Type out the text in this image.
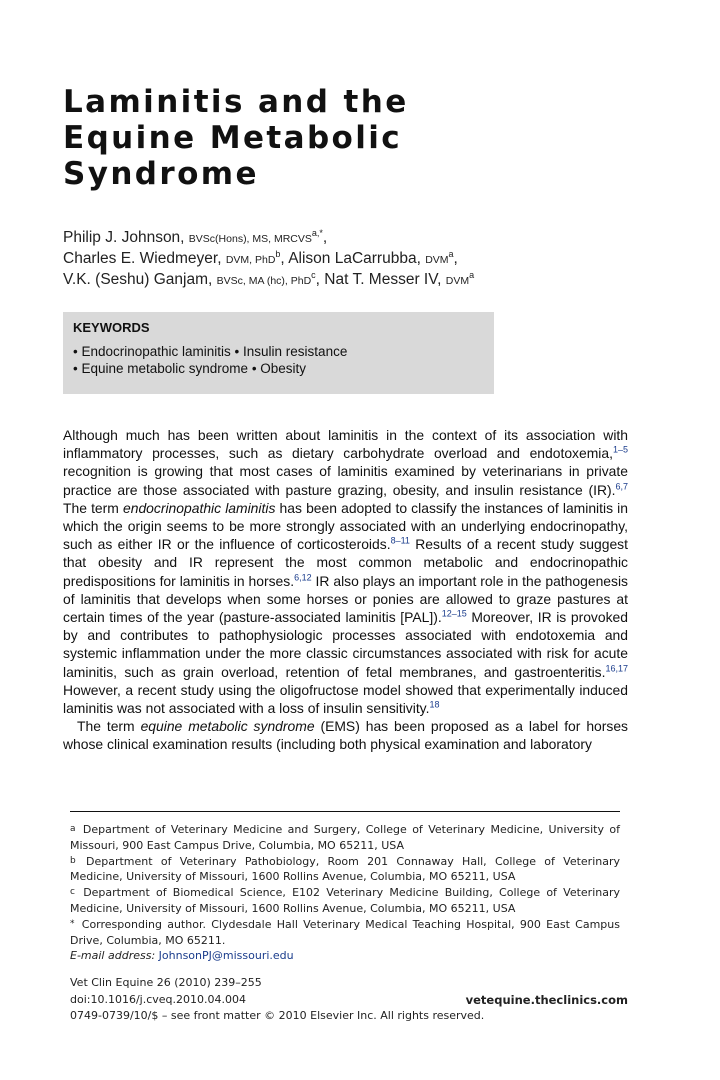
Laminitis and the
Equine Metabolic
Syndrome
Philip J. Johnson, BVSc(Hons), MS, $MRCVS^{a,*}$,
Charles E. Wiedmeyer, DVM, PhD$^b$, Alison LaCarrubba, DVM$^a$,
V.K. (Seshu) Ganjam, BVSc, MA (hc), PhD$^c$, Nat T. Messer IV, DVM$^a$
KEYWORDS
• Endocrinopathic laminitis • Insulin resistance
• Equine metabolic syndrome • Obesity

Although much has been written about laminitis in the context of its association with inflammatory processes, such as dietary carbohydrate overload and endotoxemia,$^{1-5}$ recognition is growing that most cases of laminitis examined by veterinarians in private practice are those associated with pasture grazing, obesity, and insulin resistance (IR).$^{6,7}$ The term endocrinopathic laminitis has been adopted to classify the instances of laminitis in which the origin seems to be more strongly associated with an underlying endocrinopathy, such as either IR or the influence of corticosteroids.$^{8-11}$ Results of a recent study suggest that obesity and IR represent the most common metabolic and endocrinopathic predispositions for laminitis in horses.$^{6,12}$ IR also plays an important role in the pathogenesis of laminitis that develops when some horses or ponies are allowed to graze pastures at certain times of the year (pasture-associated laminitis [PAL]).$^{12-15}$ Moreover, IR is provoked by and contributes to pathophysiologic processes associated with endotoxemia and systemic inflammation under the more classic circumstances associated with risk for acute laminitis, such as grain overload, retention of fetal membranes, and gastroenteritis.$^{16,17}$ However, a recent study using the oligofructose model showed that experimentally induced laminitis was not associated with a loss of insulin sensitivity.$^{18}$

The term equine metabolic syndrome (EMS) has been proposed as a label for horses whose clinical examination results (including both physical examination and laboratory

$^a$ Department of Veterinary Medicine and Surgery, College of Veterinary Medicine, University of Missouri, 900 East Campus Drive, Columbia, MO 65211, USA

$^b$ Department of Veterinary Pathobiology, Room 201 Connaway Hall, College of Veterinary Medicine, University of Missouri, 1600 Rollins Avenue, Columbia, MO 65211, USA

$^c$ Department of Biomedical Science, E102 Veterinary Medicine Building, College of Veterinary Medicine, University of Missouri, 1600 Rollins Avenue, Columbia, MO 65211, USA

* Corresponding author. Clydesdale Hall Veterinary Medical Teaching Hospital, 900 East Campus Drive, Columbia, MO 65211.

E-mail address: JohnsonPJ@missouri.edu

Vet Clin Equine 26 (2010) 239–255
doi:10.1016/j.cveq.2010.04.004	vetequine.theclinics.com
0749-0739/10/$ – see front matter © 2010 Elsevier Inc. All rights reserved.
